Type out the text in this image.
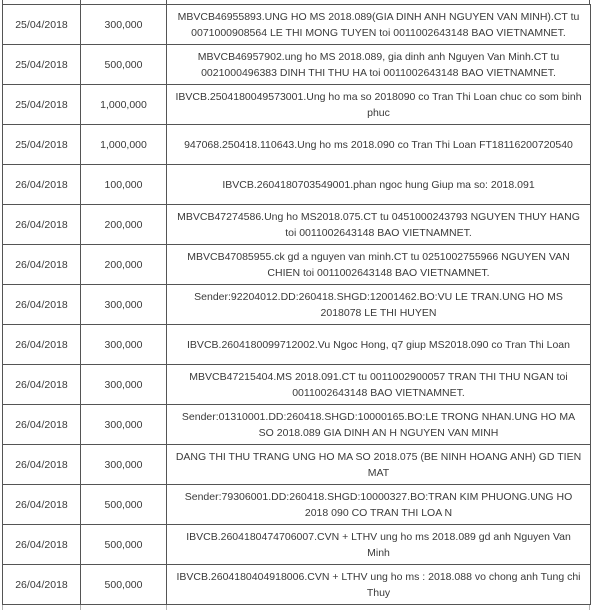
25/04/2018	300,000	MBVCB46955893.UNG HO MS 2018.089(GIA DINH ANH NGUYEN VAN MINH).CT tu 0071000908564 LE THI MONG TUYEN toi 0011002643148 BAO VIETNAMNET.
25/04/2018	500,000	MBVCB46957902.ung ho MS 2018.089, gia dinh anh Nguyen Van Minh.CT tu 0021000496383 DINH THI THU HA toi 0011002643148 BAO VIETNAMNET.
25/04/2018	1,000,000	IBVCB.2504180049573001.Ung ho ma so 2018090 co Tran Thi Loan chuc co som binh phuc
25/04/2018	1,000,000	947068.250418.110643.Ung ho ms 2018.090 co Tran Thi Loan FT18116200720540
26/04/2018	100,000	IBVCB.2604180703549001.phan ngoc hung Giup ma so: 2018.091
26/04/2018	200,000	MBVCB47274586.Ung ho MS2018.075.CT tu 0451000243793 NGUYEN THUY HANG toi 0011002643148 BAO VIETNAMNET.
26/04/2018	200,000	MBVCB47085955.ck gd a nguyen van minh.CT tu 0251002755966 NGUYEN VAN CHIEN toi 0011002643148 BAO VIETNAMNET.
26/04/2018	300,000	Sender:92204012.DD:260418.SHGD:12001462.BO:VU LE TRAN.UNG HO MS 2018078 LE THI HUYEN
26/04/2018	300,000	IBVCB.2604180099712002.Vu Ngoc Hong, q7 giup MS2018.090 co Tran Thi Loan
26/04/2018	300,000	MBVCB47215404.MS 2018.091.CT tu 0011002900057 TRAN THI THU NGAN toi 0011002643148 BAO VIETNAMNET.
26/04/2018	300,000	Sender:01310001.DD:260418.SHGD:10000165.BO:LE TRONG NHAN.UNG HO MA SO 2018.089 GIA DINH AN H NGUYEN VAN MINH
26/04/2018	300,000	DANG THI THU TRANG UNG HO MA SO 2018.075 (BE NINH HOANG ANH) GD TIEN MAT
26/04/2018	500,000	Sender:79306001.DD:260418.SHGD:10000327.BO:TRAN KIM PHUONG.UNG HO 2018 090 CO TRAN THI LOA N
26/04/2018	500,000	IBVCB.2604180474706007.CVN + LTHV ung ho ms 2018.089 gd anh Nguyen Van Minh
26/04/2018	500,000	IBVCB.2604180404918006.CVN + LTHV ung ho ms : 2018.088 vo chong anh Tung chi Thuy
